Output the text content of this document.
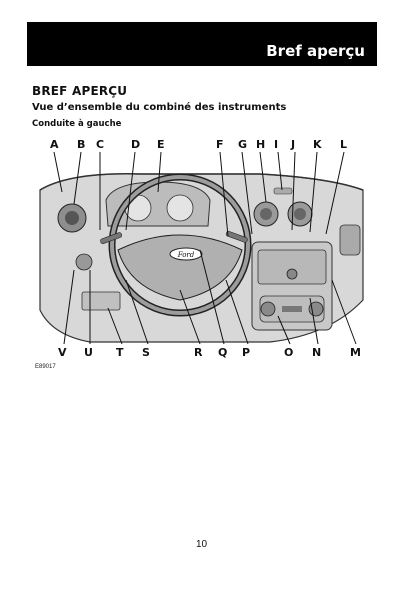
Bref aperçu
BREF APERÇU
Vue d’ensemble du combiné des instruments
Conduite à gauche
A B C D E	F G H I J K L
Ford
V U T S	R Q P	O N	M
E89017
10
